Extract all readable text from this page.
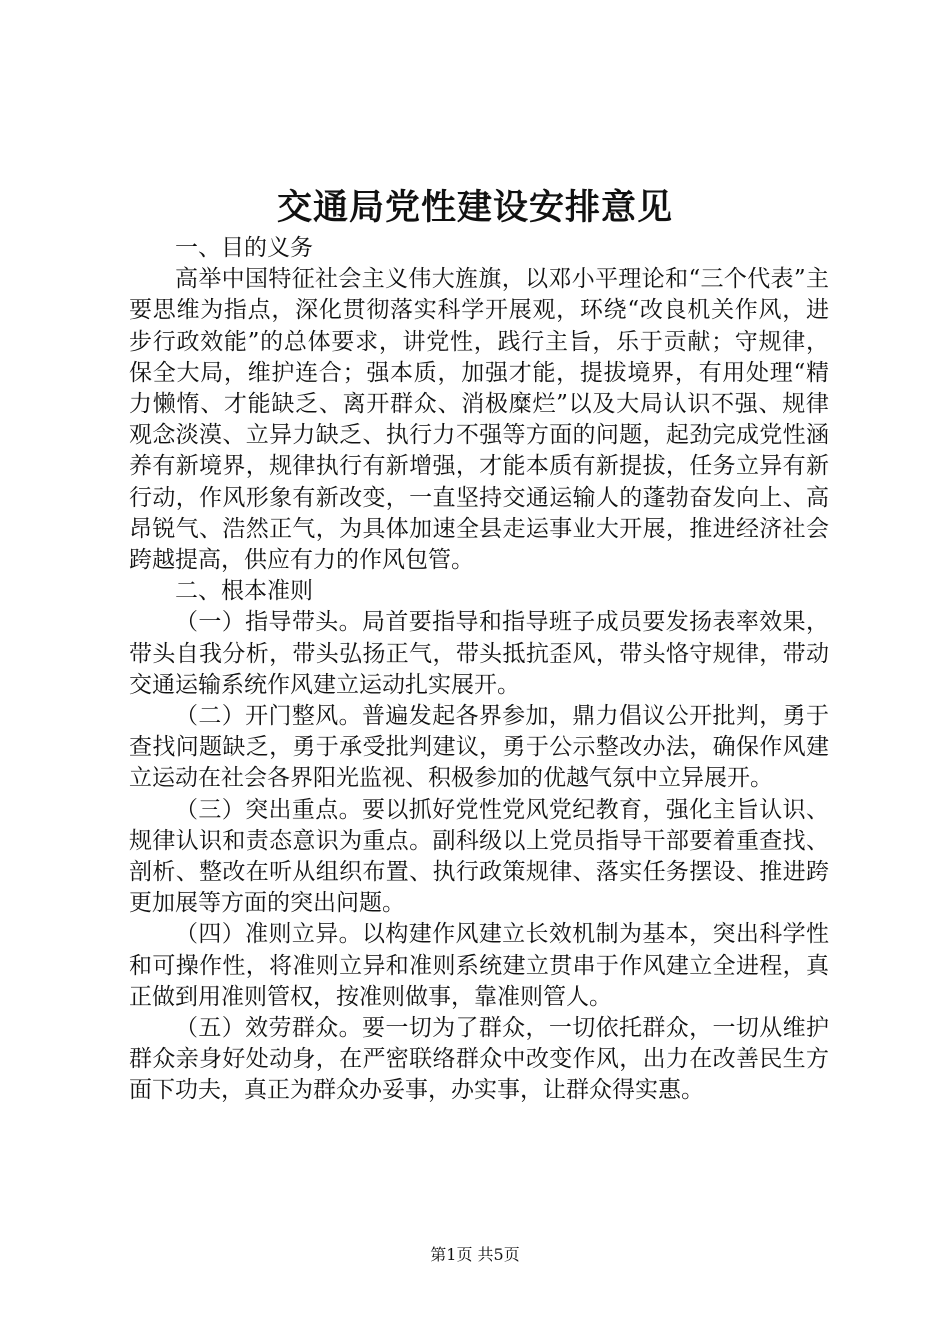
交通局党性建设安排意见

一、目的义务

高举中国特征社会主义伟大旌旗，以邓小平理论和“三个代表”主要思维为指点，深化贯彻落实科学开展观，环绕“改良机关作风，进步行政效能”的总体要求，讲党性，践行主旨，乐于贡献；守规律，保全大局，维护连合；强本质，加强才能，提拔境界，有用处理“精力懒惰、才能缺乏、离开群众、消极糜烂”以及大局认识不强、规律观念淡漠、立异力缺乏、执行力不强等方面的问题，起劲完成党性涵养有新境界，规律执行有新增强，才能本质有新提拔，任务立异有新行动，作风形象有新改变，一直坚持交通运输人的蓬勃奋发向上、高昂锐气、浩然正气，为具体加速全县走运事业大开展，推进经济社会跨越提高，供应有力的作风包管。

二、根本准则

（一）指导带头。局首要指导和指导班子成员要发扬表率效果，带头自我分析，带头弘扬正气，带头抵抗歪风，带头恪守规律，带动交通运输系统作风建立运动扎实展开。

（二）开门整风。普遍发起各界参加，鼎力倡议公开批判，勇于查找问题缺乏，勇于承受批判建议，勇于公示整改办法，确保作风建立运动在社会各界阳光监视、积极参加的优越气氛中立异展开。

（三）突出重点。要以抓好党性党风党纪教育，强化主旨认识、规律认识和责态意识为重点。副科级以上党员指导干部要着重查找、剖析、整改在听从组织布置、执行政策规律、落实任务摆设、推进跨更加展等方面的突出问题。

（四）准则立异。以构建作风建立长效机制为基本，突出科学性和可操作性，将准则立异和准则系统建立贯串于作风建立全进程，真正做到用准则管权，按准则做事，靠准则管人。

（五）效劳群众。要一切为了群众，一切依托群众，一切从维护群众亲身好处动身，在严密联络群众中改变作风，出力在改善民生方面下功夫，真正为群众办妥事，办实事，让群众得实惠。

第1页 共5页
